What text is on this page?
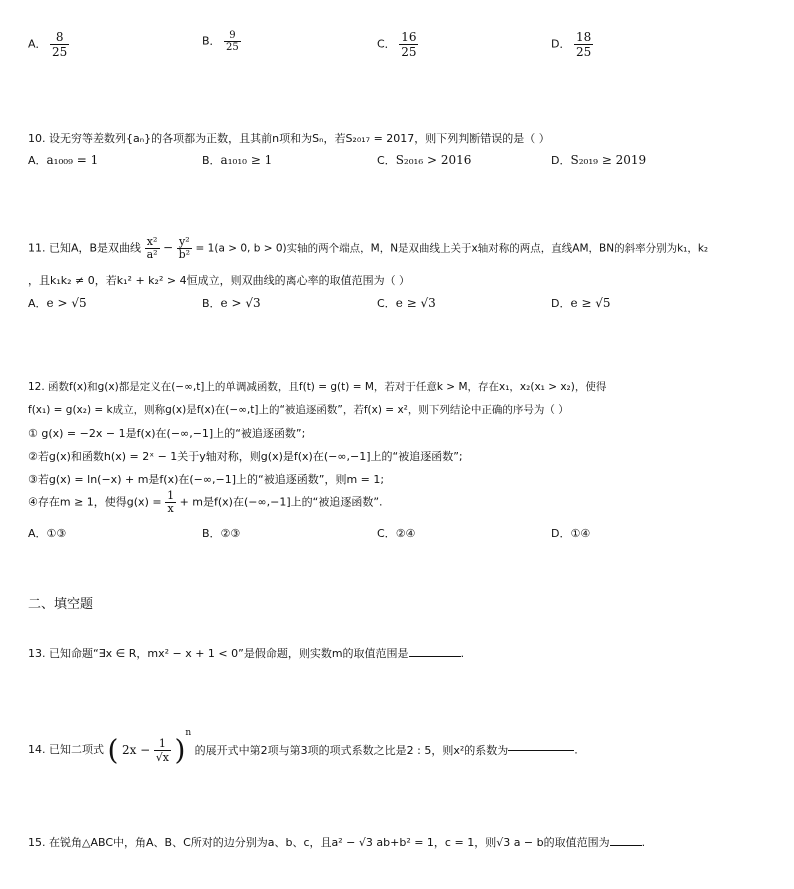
A． $\frac{8}{25}$	B． $\frac{9}{25}$	C． $\frac{16}{25}$	D． $\frac{18}{25}$
10. 设无穷等差数列{aₙ}的各项都为正数，且其前n项和为Sₙ，若S₂₀₁₇ = 2017，则下列判断错误的是（ ）
A．a₁₀₀₉ = 1	B．a₁₀₁₀ ≥ 1	C．S₂₀₁₆ > 2016	D．S₂₀₁₉ ≥ 2019
11. 已知A，B是双曲线 $\frac{\text{x²}}{\text{a²}} - \frac{\text{y²}}{\text{b²}} = 1(a > 0$, b > 0)实轴的两个端点，M，N是双曲线上关于x轴对称的两点，直线AM，BN的斜率分别为k₁，k₂
，且k₁k₂ ≠ 0，若k₁² + k₂² > 4恒成立，则双曲线的离心率的取值范围为（ ）
A．e > √5	B．e > √3	C．e ≥ √3	D．e ≥ √5
12. 函数f(x)和g(x)都是定义在(−∞,t]上的单调减函数，且f(t) = g(t) = M，若对于任意k > M，存在x₁，x₂(x₁ > x₂)，使得
f(x₁) = g(x₂) = k成立，则称g(x)是f(x)在(−∞,t]上的“被追逐函数”，若f(x) = x²，则下列结论中正确的序号为（ ）
① g(x) = −2x − 1是f(x)在(−∞,−1]上的“被追逐函数”;
②若g(x)和函数h(x) = 2ˣ − 1关于y轴对称，则g(x)是f(x)在(−∞,−1]上的“被追逐函数”;
③若g(x) = ln(−x) + m是f(x)在(−∞,−1]上的“被追逐函数”，则m = 1;
④存在m ≥ 1，使得$g(x) = \frac{1}{x} + m$是f(x)在(−∞,−1]上的“被追逐函数”.
A．①③	B．②③	C．②④	D．①④
二、填空题
13. 已知命题“∃x ∈ R，mx² − x + 1 < 0”是假命题，则实数m的取值范围是	.
14. 已知二项式 ( $2x - \frac{1}{√x} )^n$ 的展开式中第2项与第3项的项式系数之比是2 : 5，则x²的系数为	.
15. 在锐角△ABC中，角A、B、C所对的边分别为a、b、c，且a² − √3 ab+b² = 1，c = 1，则√3 a − b的取值范围为	.
